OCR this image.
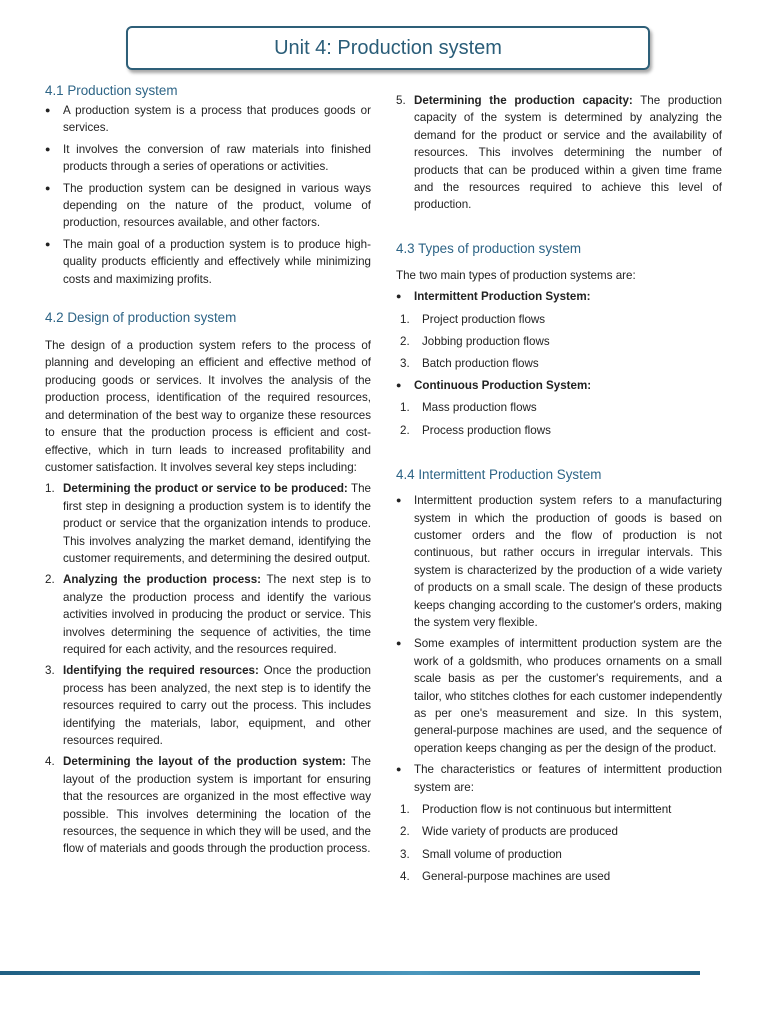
Unit 4: Production system
4.1 Production system
● A production system is a process that produces goods or services.
● It involves the conversion of raw materials into finished products through a series of operations or activities.
● The production system can be designed in various ways depending on the nature of the product, volume of production, resources available, and other factors.
● The main goal of a production system is to produce high-quality products efficiently and effectively while minimizing costs and maximizing profits.
4.2 Design of production system

The design of a production system refers to the process of planning and developing an efficient and effective method of producing goods or services. It involves the analysis of the production process, identification of the required resources, and determination of the best way to organize these resources to ensure that the production process is efficient and cost-effective, which in turn leads to increased profitability and customer satisfaction. It involves several key steps including:

1. Determining the product or service to be produced: The first step in designing a production system is to identify the product or service that the organization intends to produce. This involves analyzing the market demand, identifying the customer requirements, and determining the desired output.
2. Analyzing the production process: The next step is to analyze the production process and identify the various activities involved in producing the product or service. This involves determining the sequence of activities, the time required for each activity, and the resources required.
3. Identifying the required resources: Once the production process has been analyzed, the next step is to identify the resources required to carry out the process. This includes identifying the materials, labor, equipment, and other resources required.
4. Determining the layout of the production system: The layout of the production system is important for ensuring that the resources are organized in the most effective way possible. This involves determining the location of the resources, the sequence in which they will be used, and the flow of materials and goods through the production process.
5. Determining the production capacity: The production capacity of the system is determined by analyzing the demand for the product or service and the availability of resources. This involves determining the number of products that can be produced within a given time frame and the resources required to achieve this level of production.
4.3 Types of production system

The two main types of production systems are:

● Intermittent Production System:
1. Project production flows
2. Jobbing production flows
3. Batch production flows
● Continuous Production System:
1. Mass production flows
2. Process production flows
4.4 Intermittent Production System
● Intermittent production system refers to a manufacturing system in which the production of goods is based on customer orders and the flow of production is not continuous, but rather occurs in irregular intervals. This system is characterized by the production of a wide variety of products on a small scale. The design of these products keeps changing according to the customer's orders, making the system very flexible.
● Some examples of intermittent production system are the work of a goldsmith, who produces ornaments on a small scale basis as per the customer's requirements, and a tailor, who stitches clothes for each customer independently as per one's measurement and size. In this system, general-purpose machines are used, and the sequence of operation keeps changing as per the design of the product.
● The characteristics or features of intermittent production system are:
1. Production flow is not continuous but intermittent
2. Wide variety of products are produced
3. Small volume of production
4. General-purpose machines are used
